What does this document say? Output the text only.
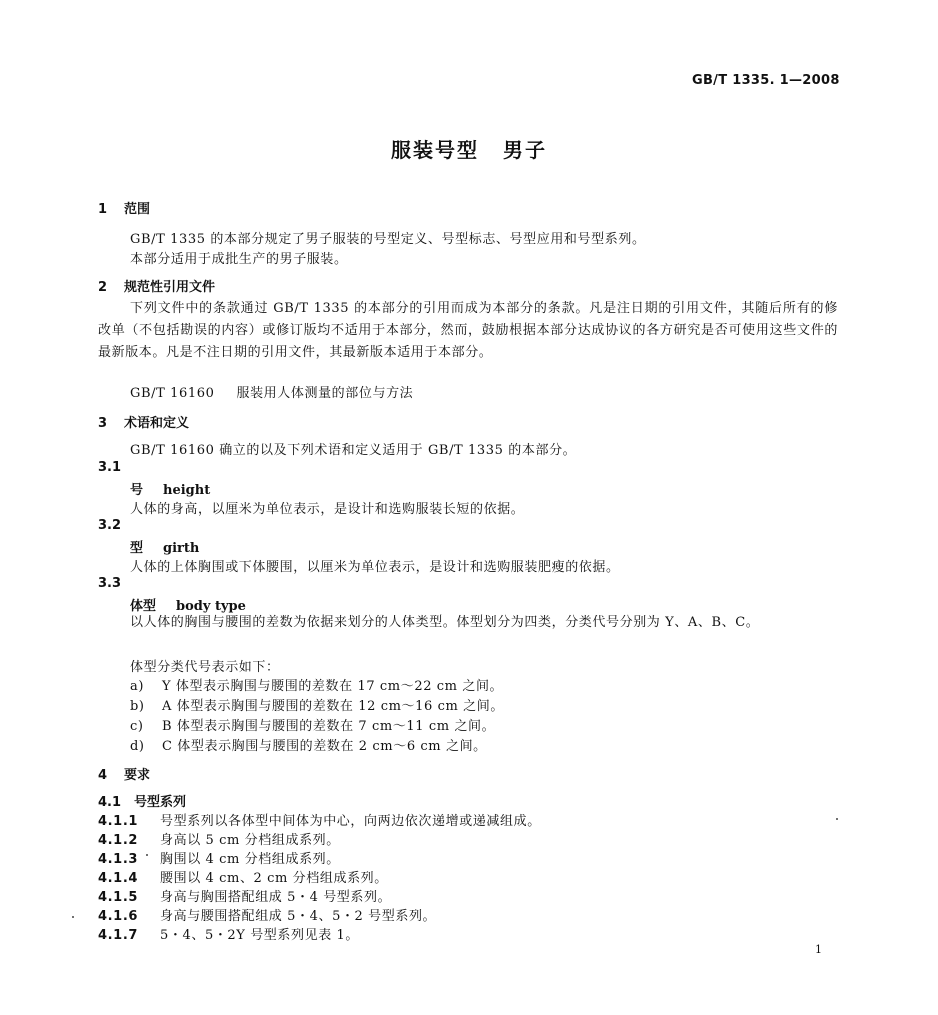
GB/T 1335. 1—2008
服装号型 男子
1 范围
GB/T 1335 的本部分规定了男子服装的号型定义、号型标志、号型应用和号型系列。
本部分适用于成批生产的男子服装。
2 规范性引用文件
下列文件中的条款通过 GB/T 1335 的本部分的引用而成为本部分的条款。凡是注日期的引用文件，其随后所有的修改单（不包括勘误的内容）或修订版均不适用于本部分，然而，鼓励根据本部分达成协议的各方研究是否可使用这些文件的最新版本。凡是不注日期的引用文件，其最新版本适用于本部分。
GB/T 16160 服装用人体测量的部位与方法
3 术语和定义
GB/T 16160 确立的以及下列术语和定义适用于 GB/T 1335 的本部分。
3.1
号 height
人体的身高，以厘米为单位表示，是设计和选购服装长短的依据。
3.2
型 girth
人体的上体胸围或下体腰围，以厘米为单位表示，是设计和选购服装肥瘦的依据。
3.3
体型 body type
以人体的胸围与腰围的差数为依据来划分的人体类型。体型划分为四类，分类代号分别为 Y、A、B、C。
体型分类代号表示如下：
a) Y 体型表示胸围与腰围的差数在 17 cm～22 cm 之间。
b) A 体型表示胸围与腰围的差数在 12 cm～16 cm 之间。
c) B 体型表示胸围与腰围的差数在 7 cm～11 cm 之间。
d) C 体型表示胸围与腰围的差数在 2 cm～6 cm 之间。
4 要求
4.1 号型系列
4.1.1 号型系列以各体型中间体为中心，向两边依次递增或递减组成。
4.1.2 身高以 5 cm 分档组成系列。
4.1.3 胸围以 4 cm 分档组成系列。
4.1.4 腰围以 4 cm、2 cm 分档组成系列。
4.1.5 身高与胸围搭配组成 5・4 号型系列。
4.1.6 身高与腰围搭配组成 5・4、5・2 号型系列。
4.1.7 5・4、5・2Y 号型系列见表 1。
1
